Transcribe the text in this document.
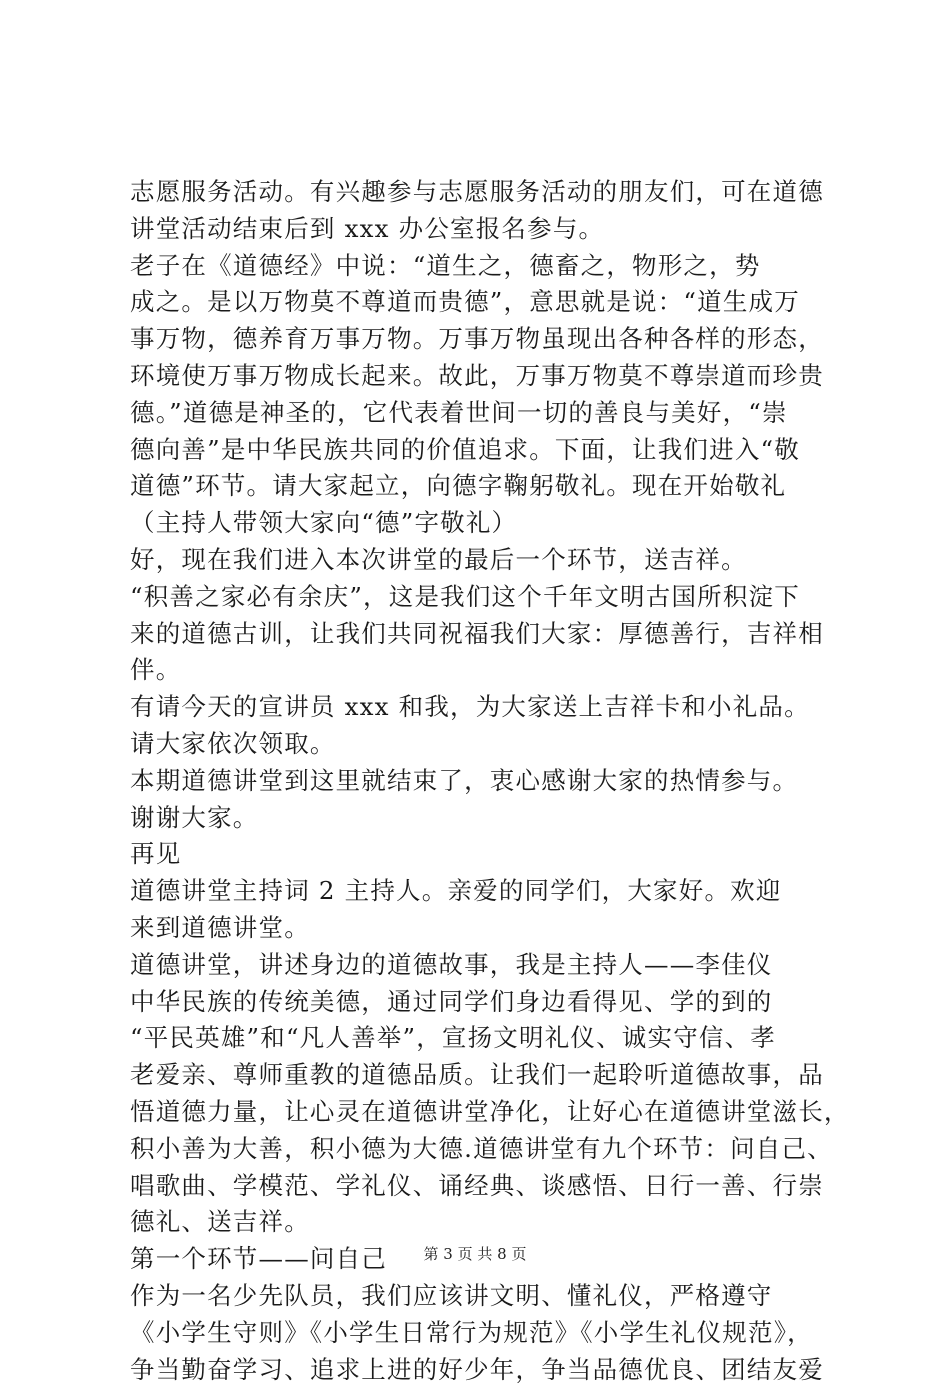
志愿服务活动。有兴趣参与志愿服务活动的朋友们，可在道德
讲堂活动结束后到 xxx 办公室报名参与。
老子在《道德经》中说：“道生之，德畜之，物形之，势
成之。是以万物莫不尊道而贵德”，意思就是说：“道生成万
事万物，德养育万事万物。万事万物虽现出各种各样的形态，
环境使万事万物成长起来。故此，万事万物莫不尊崇道而珍贵
德。”道德是神圣的，它代表着世间一切的善良与美好，“崇
德向善”是中华民族共同的价值追求。下面，让我们进入“敬
道德”环节。请大家起立，向德字鞠躬敬礼。现在开始敬礼
（主持人带领大家向“德”字敬礼）
好，现在我们进入本次讲堂的最后一个环节，送吉祥。
“积善之家必有余庆”，这是我们这个千年文明古国所积淀下
来的道德古训，让我们共同祝福我们大家：厚德善行，吉祥相
伴。
有请今天的宣讲员 xxx 和我，为大家送上吉祥卡和小礼品。
请大家依次领取。
本期道德讲堂到这里就结束了，衷心感谢大家的热情参与。
谢谢大家。
再见
道德讲堂主持词 2 主持人。亲爱的同学们，大家好。欢迎
来到道德讲堂。
道德讲堂，讲述身边的道德故事，我是主持人——李佳仪
中华民族的传统美德，通过同学们身边看得见、学的到的
“平民英雄”和“凡人善举”，宣扬文明礼仪、诚实守信、孝
老爱亲、尊师重教的道德品质。让我们一起聆听道德故事，品
悟道德力量，让心灵在道德讲堂净化，让好心在道德讲堂滋长，
积小善为大善，积小德为大德.道德讲堂有九个环节：问自己、
唱歌曲、学模范、学礼仪、诵经典、谈感悟、日行一善、行崇
德礼、送吉祥。
第一个环节——问自己
作为一名少先队员，我们应该讲文明、懂礼仪，严格遵守
《小学生守则》《小学生日常行为规范》《小学生礼仪规范》，
争当勤奋学习、追求上进的好少年，争当品德优良、团结友爱
第 3 页 共 8 页
